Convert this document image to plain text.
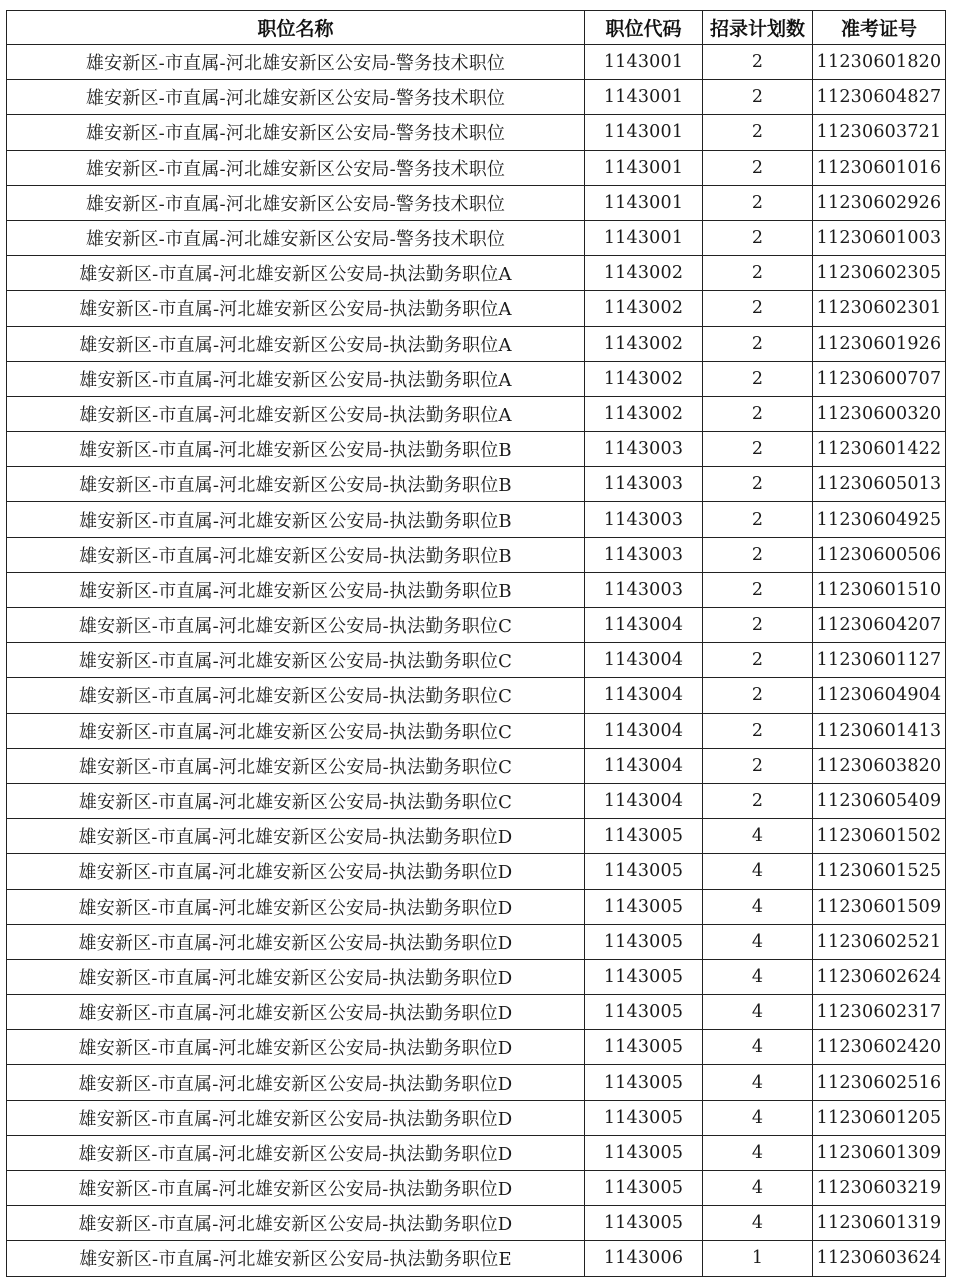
职位名称	职位代码	招录计划数	准考证号
雄安新区-市直属-河北雄安新区公安局-警务技术职位	1143001	2	11230601820
雄安新区-市直属-河北雄安新区公安局-警务技术职位	1143001	2	11230604827
雄安新区-市直属-河北雄安新区公安局-警务技术职位	1143001	2	11230603721
雄安新区-市直属-河北雄安新区公安局-警务技术职位	1143001	2	11230601016
雄安新区-市直属-河北雄安新区公安局-警务技术职位	1143001	2	11230602926
雄安新区-市直属-河北雄安新区公安局-警务技术职位	1143001	2	11230601003
雄安新区-市直属-河北雄安新区公安局-执法勤务职位A	1143002	2	11230602305
雄安新区-市直属-河北雄安新区公安局-执法勤务职位A	1143002	2	11230602301
雄安新区-市直属-河北雄安新区公安局-执法勤务职位A	1143002	2	11230601926
雄安新区-市直属-河北雄安新区公安局-执法勤务职位A	1143002	2	11230600707
雄安新区-市直属-河北雄安新区公安局-执法勤务职位A	1143002	2	11230600320
雄安新区-市直属-河北雄安新区公安局-执法勤务职位B	1143003	2	11230601422
雄安新区-市直属-河北雄安新区公安局-执法勤务职位B	1143003	2	11230605013
雄安新区-市直属-河北雄安新区公安局-执法勤务职位B	1143003	2	11230604925
雄安新区-市直属-河北雄安新区公安局-执法勤务职位B	1143003	2	11230600506
雄安新区-市直属-河北雄安新区公安局-执法勤务职位B	1143003	2	11230601510
雄安新区-市直属-河北雄安新区公安局-执法勤务职位C	1143004	2	11230604207
雄安新区-市直属-河北雄安新区公安局-执法勤务职位C	1143004	2	11230601127
雄安新区-市直属-河北雄安新区公安局-执法勤务职位C	1143004	2	11230604904
雄安新区-市直属-河北雄安新区公安局-执法勤务职位C	1143004	2	11230601413
雄安新区-市直属-河北雄安新区公安局-执法勤务职位C	1143004	2	11230603820
雄安新区-市直属-河北雄安新区公安局-执法勤务职位C	1143004	2	11230605409
雄安新区-市直属-河北雄安新区公安局-执法勤务职位D	1143005	4	11230601502
雄安新区-市直属-河北雄安新区公安局-执法勤务职位D	1143005	4	11230601525
雄安新区-市直属-河北雄安新区公安局-执法勤务职位D	1143005	4	11230601509
雄安新区-市直属-河北雄安新区公安局-执法勤务职位D	1143005	4	11230602521
雄安新区-市直属-河北雄安新区公安局-执法勤务职位D	1143005	4	11230602624
雄安新区-市直属-河北雄安新区公安局-执法勤务职位D	1143005	4	11230602317
雄安新区-市直属-河北雄安新区公安局-执法勤务职位D	1143005	4	11230602420
雄安新区-市直属-河北雄安新区公安局-执法勤务职位D	1143005	4	11230602516
雄安新区-市直属-河北雄安新区公安局-执法勤务职位D	1143005	4	11230601205
雄安新区-市直属-河北雄安新区公安局-执法勤务职位D	1143005	4	11230601309
雄安新区-市直属-河北雄安新区公安局-执法勤务职位D	1143005	4	11230603219
雄安新区-市直属-河北雄安新区公安局-执法勤务职位D	1143005	4	11230601319
雄安新区-市直属-河北雄安新区公安局-执法勤务职位E	1143006	1	11230603624
